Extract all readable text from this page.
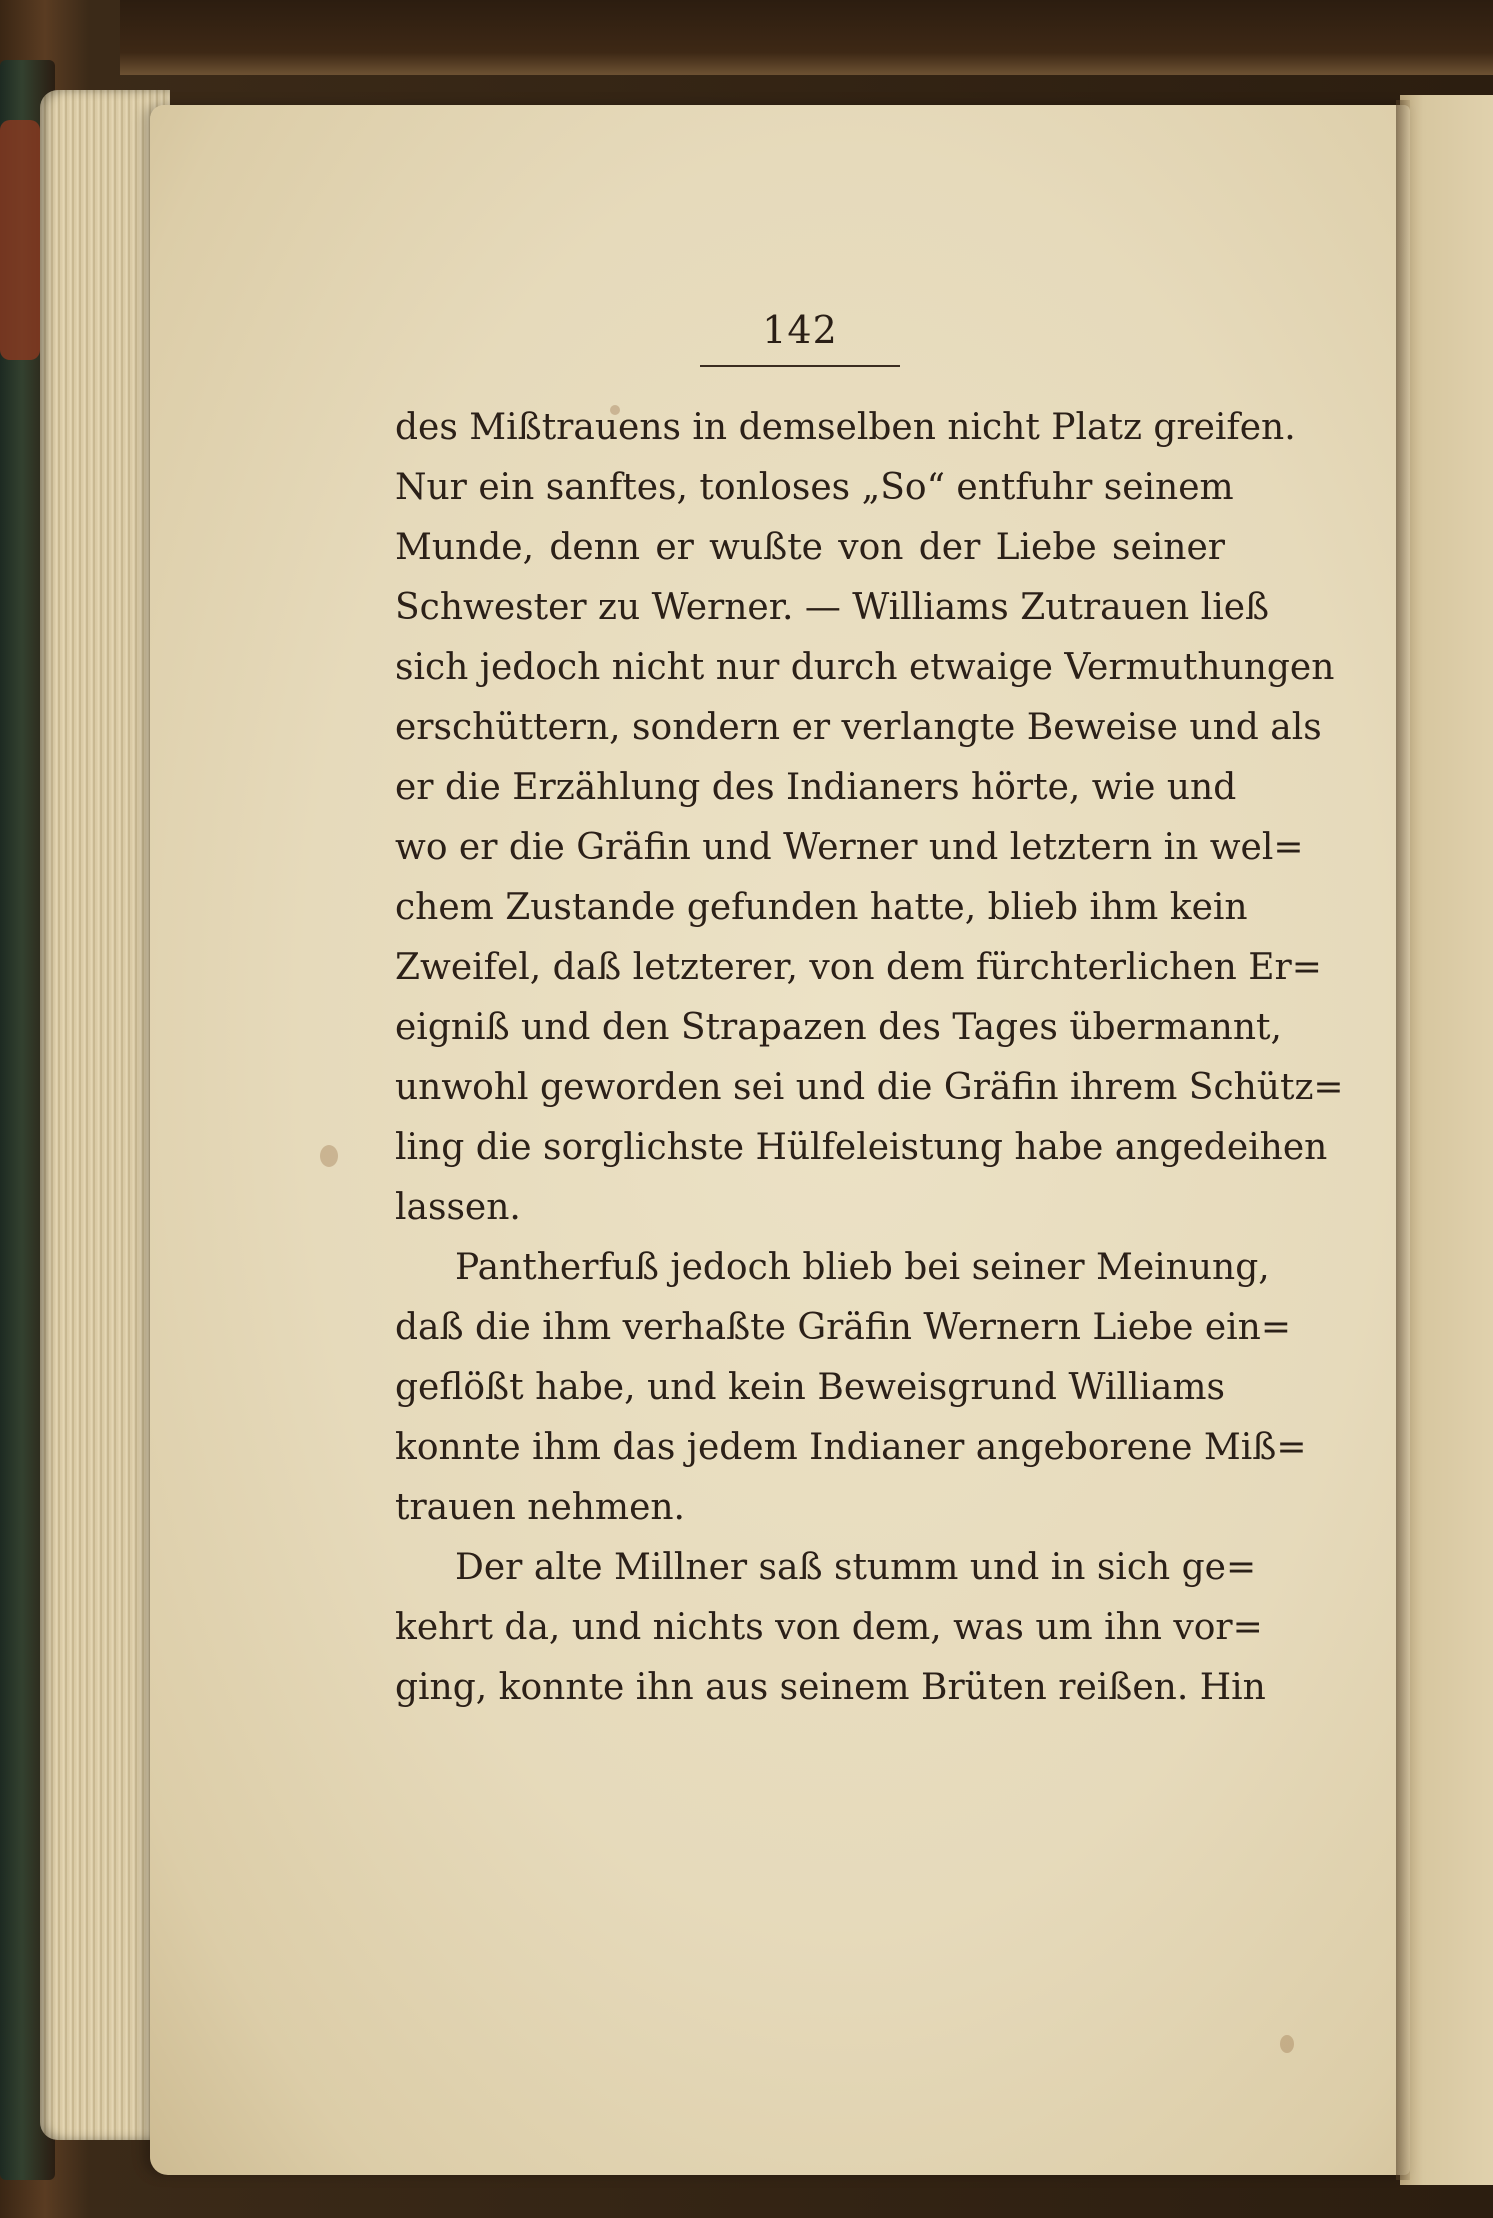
142
des Mißtrauens in demselben nicht Platz greifen.
Nur ein sanftes, tonloses „So“ entfuhr seinem
Munde, denn er wußte von der Liebe seiner
Schwester zu Werner. — Williams Zutrauen ließ
sich jedoch nicht nur durch etwaige Vermuthungen
erschüttern, sondern er verlangte Beweise und als
er die Erzählung des Indianers hörte, wie und
wo er die Gräfin und Werner und letztern in wel=
chem Zustande gefunden hatte, blieb ihm kein
Zweifel, daß letzterer, von dem fürchterlichen Er=
eigniß und den Strapazen des Tages übermannt,
unwohl geworden sei und die Gräfin ihrem Schütz=
ling die sorglichste Hülfeleistung habe angedeihen
lassen.
Pantherfuß jedoch blieb bei seiner Meinung,
daß die ihm verhaßte Gräfin Wernern Liebe ein=
geflößt habe, und kein Beweisgrund Williams
konnte ihm das jedem Indianer angeborene Miß=
trauen nehmen.
Der alte Millner saß stumm und in sich ge=
kehrt da, und nichts von dem, was um ihn vor=
ging, konnte ihn aus seinem Brüten reißen. Hin
